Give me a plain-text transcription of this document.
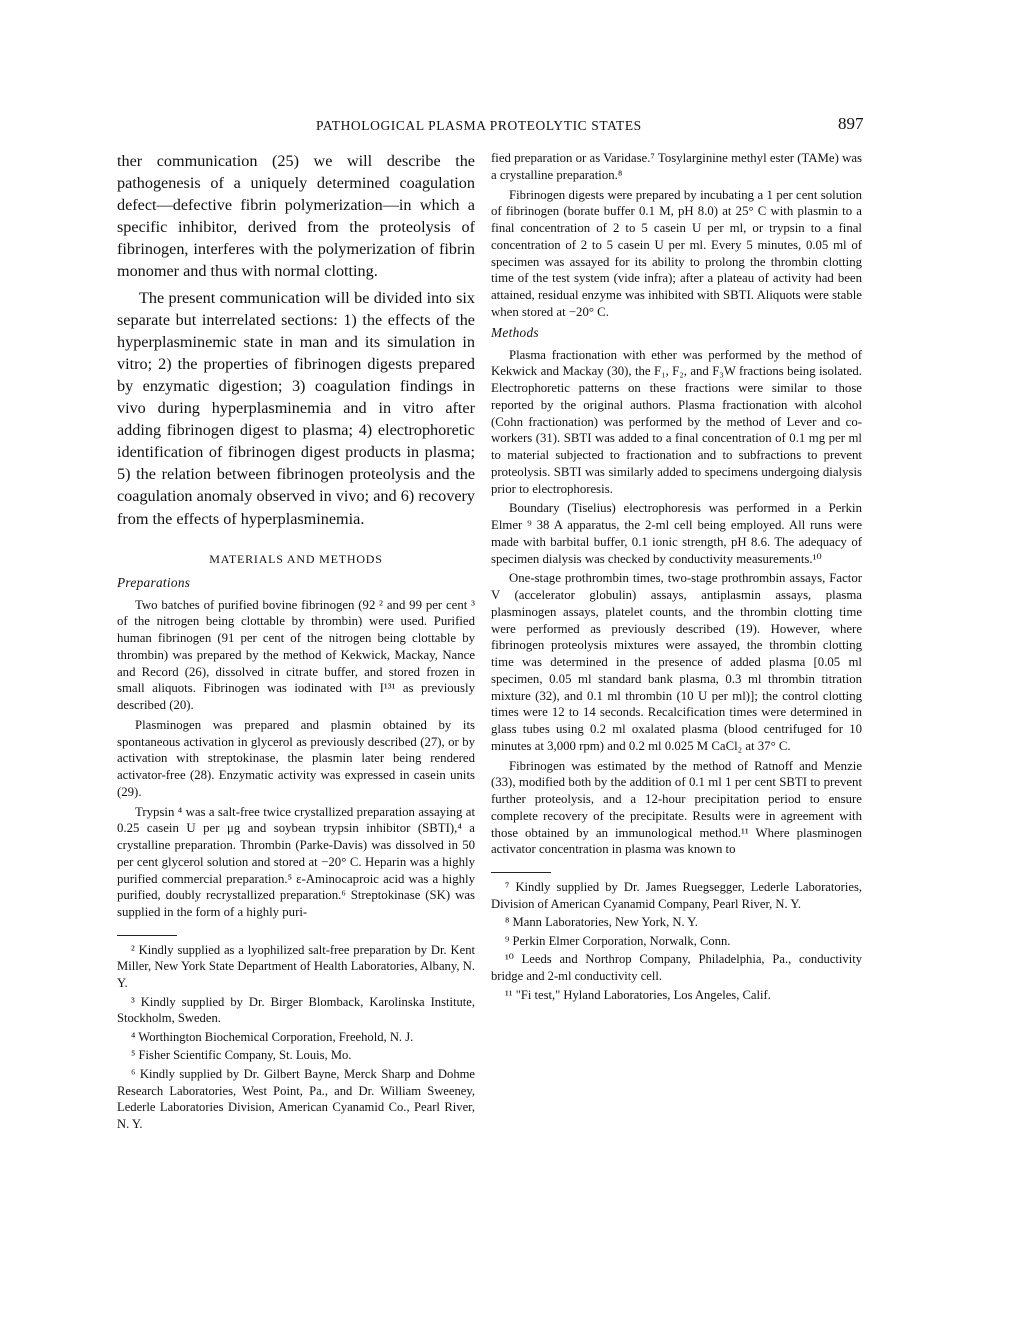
PATHOLOGICAL PLASMA PROTEOLYTIC STATES	897

ther communication (25) we will describe the pathogenesis of a uniquely determined coagulation defect—defective fibrin polymerization—in which a specific inhibitor, derived from the proteolysis of fibrinogen, interferes with the polymerization of fibrin monomer and thus with normal clotting.

The present communication will be divided into six separate but interrelated sections: 1) the effects of the hyperplasminemic state in man and its simulation in vitro; 2) the properties of fibrinogen digests prepared by enzymatic digestion; 3) coagulation findings in vivo during hyperplasminemia and in vitro after adding fibrinogen digest to plasma; 4) electrophoretic identification of fibrinogen digest products in plasma; 5) the relation between fibrinogen proteolysis and the coagulation anomaly observed in vivo; and 6) recovery from the effects of hyperplasminemia.

MATERIALS AND METHODS
Preparations

Two batches of purified bovine fibrinogen (92 ² and 99 per cent ³ of the nitrogen being clottable by thrombin) were used. Purified human fibrinogen (91 per cent of the nitrogen being clottable by thrombin) was prepared by the method of Kekwick, Mackay, Nance and Record (26), dissolved in citrate buffer, and stored frozen in small aliquots. Fibrinogen was iodinated with I¹³¹ as previously described (20).

Plasminogen was prepared and plasmin obtained by its spontaneous activation in glycerol as previously described (27), or by activation with streptokinase, the plasmin later being rendered activator-free (28). Enzymatic activity was expressed in casein units (29).

Trypsin ⁴ was a salt-free twice crystallized preparation assaying at 0.25 casein U per μg and soybean trypsin inhibitor (SBTI),⁴ a crystalline preparation. Thrombin (Parke-Davis) was dissolved in 50 per cent glycerol solution and stored at −20° C. Heparin was a highly purified commercial preparation.⁵ ε-Aminocaproic acid was a highly purified, doubly recrystallized preparation.⁶ Streptokinase (SK) was supplied in the form of a highly puri-

² Kindly supplied as a lyophilized salt-free preparation by Dr. Kent Miller, New York State Department of Health Laboratories, Albany, N. Y.

³ Kindly supplied by Dr. Birger Blomback, Karolinska Institute, Stockholm, Sweden.

⁴ Worthington Biochemical Corporation, Freehold, N. J.

⁵ Fisher Scientific Company, St. Louis, Mo.

⁶ Kindly supplied by Dr. Gilbert Bayne, Merck Sharp and Dohme Research Laboratories, West Point, Pa., and Dr. William Sweeney, Lederle Laboratories Division, American Cyanamid Co., Pearl River, N. Y.

fied preparation or as Varidase.⁷ Tosylarginine methyl ester (TAMe) was a crystalline preparation.⁸

Fibrinogen digests were prepared by incubating a 1 per cent solution of fibrinogen (borate buffer 0.1 M, pH 8.0) at 25° C with plasmin to a final concentration of 2 to 5 casein U per ml, or trypsin to a final concentration of 2 to 5 casein U per ml. Every 5 minutes, 0.05 ml of specimen was assayed for its ability to prolong the thrombin clotting time of the test system (vide infra); after a plateau of activity had been attained, residual enzyme was inhibited with SBTI. Aliquots were stable when stored at −20° C.

Methods

Plasma fractionation with ether was performed by the method of Kekwick and Mackay (30), the F₁, F₂, and F₃W fractions being isolated. Electrophoretic patterns on these fractions were similar to those reported by the original authors. Plasma fractionation with alcohol (Cohn fractionation) was performed by the method of Lever and co-workers (31). SBTI was added to a final concentration of 0.1 mg per ml to material subjected to fractionation and to subfractions to prevent proteolysis. SBTI was similarly added to specimens undergoing dialysis prior to electrophoresis.

Boundary (Tiselius) electrophoresis was performed in a Perkin Elmer ⁹ 38 A apparatus, the 2-ml cell being employed. All runs were made with barbital buffer, 0.1 ionic strength, pH 8.6. The adequacy of specimen dialysis was checked by conductivity measurements.¹⁰

One-stage prothrombin times, two-stage prothrombin assays, Factor V (accelerator globulin) assays, antiplasmin assays, plasma plasminogen assays, platelet counts, and the thrombin clotting time were performed as previously described (19). However, where fibrinogen proteolysis mixtures were assayed, the thrombin clotting time was determined in the presence of added plasma [0.05 ml specimen, 0.05 ml standard bank plasma, 0.3 ml thrombin titration mixture (32), and 0.1 ml thrombin (10 U per ml)]; the control clotting times were 12 to 14 seconds. Recalcification times were determined in glass tubes using 0.2 ml oxalated plasma (blood centrifuged for 10 minutes at 3,000 rpm) and 0.2 ml 0.025 M CaCl₂ at 37° C.

Fibrinogen was estimated by the method of Ratnoff and Menzie (33), modified both by the addition of 0.1 ml 1 per cent SBTI to prevent further proteolysis, and a 12-hour precipitation period to ensure complete recovery of the precipitate. Results were in agreement with those obtained by an immunological method.¹¹ Where plasminogen activator concentration in plasma was known to

⁷ Kindly supplied by Dr. James Ruegsegger, Lederle Laboratories, Division of American Cyanamid Company, Pearl River, N. Y.

⁸ Mann Laboratories, New York, N. Y.

⁹ Perkin Elmer Corporation, Norwalk, Conn.

¹⁰ Leeds and Northrop Company, Philadelphia, Pa., conductivity bridge and 2-ml conductivity cell.

¹¹ "Fi test," Hyland Laboratories, Los Angeles, Calif.
